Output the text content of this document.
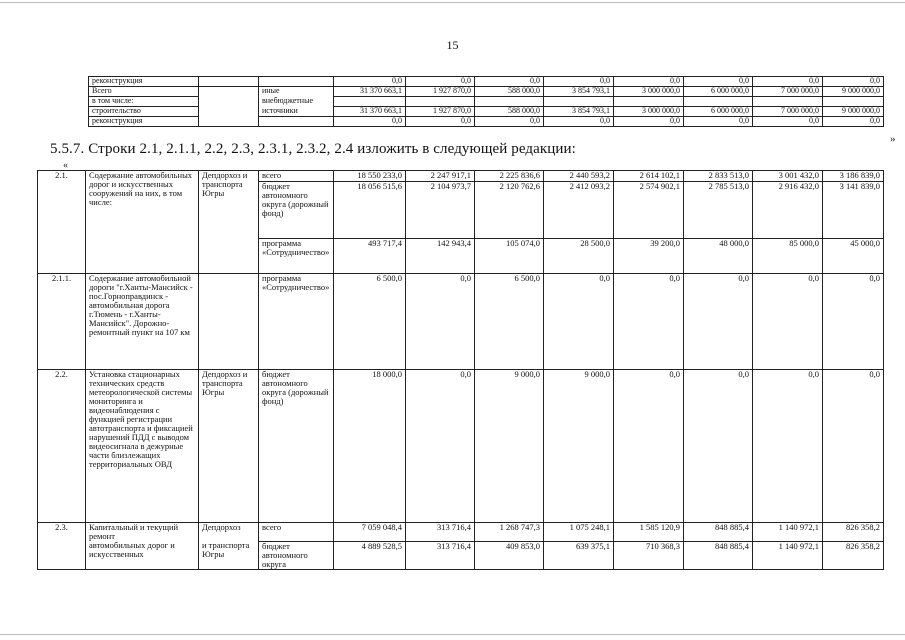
15
реконструкция			0,0	0,0	0,0	0,0	0,0	0,0	0,0	0,0
Всего		иные	31 370 663,1	1 927 870,0	588 000,0	3 854 793,1	3 000 000,0	6 000 000,0	7 000 000,0	9 000 000,0
в том числе:		внебюджетные								
строительство		источники	31 370 663,1	1 927 870,0	588 000,0	3 854 793,1	3 000 000,0	6 000 000,0	7 000 000,0	9 000 000,0
реконструкция			0,0	0,0	0,0	0,0	0,0	0,0	0,0	0,0
»
5.5.7. Строки 2.1, 2.1.1, 2.2, 2.3, 2.3.1, 2.3.2, 2.4 изложить в следующей редакции:
«
2.1.	Содержание автомобильных дорог и искусственных сооружений на них, в том числе:	Депдорхоз и транспорта Югры	всего	18 550 233,0	2 247 917,1	2 225 836,6	2 440 593,2	2 614 102,1	2 833 513,0	3 001 432,0	3 186 839,0
			бюджет автономного округа (дорожный фонд)	18 056 515,6	2 104 973,7	2 120 762,6	2 412 093,2	2 574 902,1	2 785 513,0	2 916 432,0	3 141 839,0
			программа «Сотрудничество»	493 717,4	142 943,4	105 074,0	28 500,0	39 200,0	48 000,0	85 000,0	45 000,0
2.1.1.	Содержание автомобильной дороги "г.Ханты-Мансийск - пос.Горноправдинск - автомобильная дорога г.Тюмень - г.Ханты-Мансийск". Дорожно-ремонтный пункт на 107 км		программа «Сотрудничество»	6 500,0	0,0	6 500,0	0,0	0,0	0,0	0,0	0,0
2.2.	Установка стационарных технических средств метеорологической системы мониторинга и видеонаблюдения с функцией регистрации автотранспорта и фиксацией нарушений ПДД с выводом видеосигнала в дежурные части близлежащих территориальных ОВД	Депдорхоз и транспорта Югры	бюджет автономного округа (дорожный фонд)	18 000,0	0,0	9 000,0	9 000,0	0,0	0,0	0,0	0,0
2.3.	Капитальный и текущий ремонт	Депдорхоз	всего	7 059 048,4	313 716,4	1 268 747,3	1 075 248,1	1 585 120,9	848 885,4	1 140 972,1	826 358,2
	автомобильных дорог и искусственных	и транспорта Югры	бюджет автономного округа	4 889 528,5	313 716,4	409 853,0	639 375,1	710 368,3	848 885,4	1 140 972,1	826 358,2
